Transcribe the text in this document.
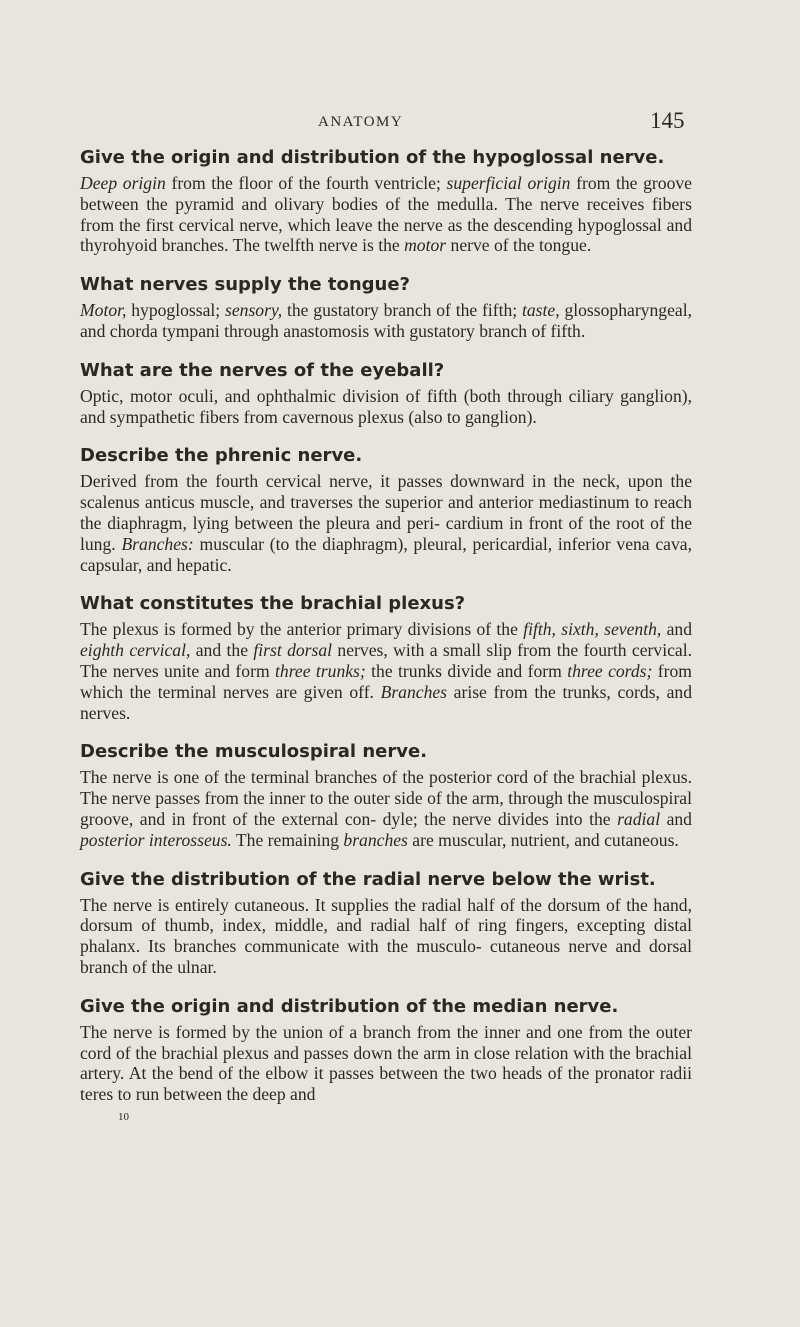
ANATOMY	145
Give the origin and distribution of the hypoglossal nerve.

Deep origin from the floor of the fourth ventricle; superficial origin from the groove between the pyramid and olivary bodies of the medulla. The nerve receives fibers from the first cervical nerve, which leave the nerve as the descending hypoglossal and thyrohyoid branches. The twelfth nerve is the motor nerve of the tongue.

What nerves supply the tongue?

Motor, hypoglossal; sensory, the gustatory branch of the fifth; taste, glossopharyngeal, and chorda tympani through anastomosis with gustatory branch of fifth.

What are the nerves of the eyeball?

Optic, motor oculi, and ophthalmic division of fifth (both through ciliary ganglion), and sympathetic fibers from cavernous plexus (also to ganglion).

Describe the phrenic nerve.

Derived from the fourth cervical nerve, it passes downward in the neck, upon the scalenus anticus muscle, and traverses the superior and anterior mediastinum to reach the diaphragm, lying between the pleura and peri- cardium in front of the root of the lung. Branches: muscular (to the diaphragm), pleural, pericardial, inferior vena cava, capsular, and hepatic.

What constitutes the brachial plexus?

The plexus is formed by the anterior primary divisions of the fifth, sixth, seventh, and eighth cervical, and the first dorsal nerves, with a small slip from the fourth cervical. The nerves unite and form three trunks; the trunks divide and form three cords; from which the terminal nerves are given off. Branches arise from the trunks, cords, and nerves.

Describe the musculospiral nerve.

The nerve is one of the terminal branches of the posterior cord of the brachial plexus. The nerve passes from the inner to the outer side of the arm, through the musculospiral groove, and in front of the external con- dyle; the nerve divides into the radial and posterior interosseus. The remaining branches are muscular, nutrient, and cutaneous.

Give the distribution of the radial nerve below the wrist.

The nerve is entirely cutaneous. It supplies the radial half of the dorsum of the hand, dorsum of thumb, index, middle, and radial half of ring fingers, excepting distal phalanx. Its branches communicate with the musculo- cutaneous nerve and dorsal branch of the ulnar.

Give the origin and distribution of the median nerve.

The nerve is formed by the union of a branch from the inner and one from the outer cord of the brachial plexus and passes down the arm in close relation with the brachial artery. At the bend of the elbow it passes between the two heads of the pronator radii teres to run between the deep and

10
